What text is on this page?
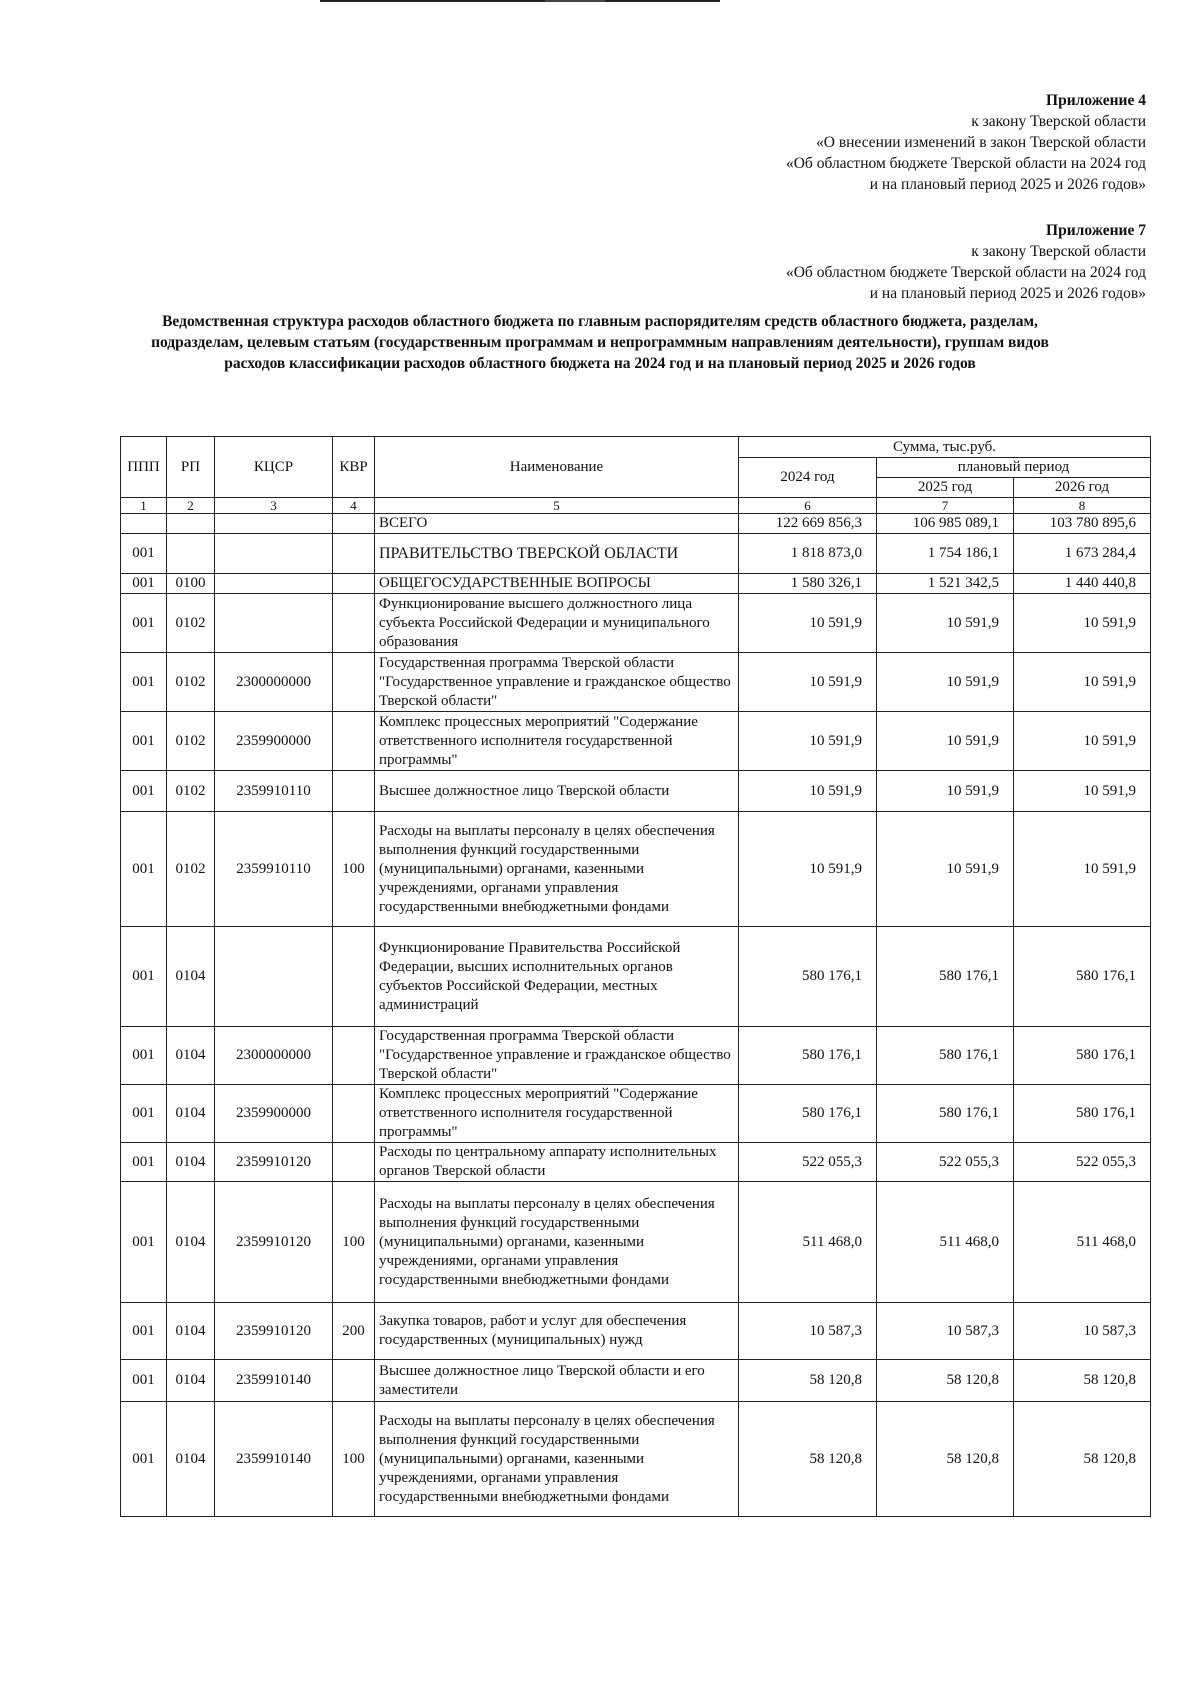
Приложение 4
к закону Тверской области
«О внесении изменений в закон Тверской области
«Об областном бюджете Тверской области на 2024 год
и на плановый период 2025 и 2026 годов»
Приложение 7
к закону Тверской области
«Об областном бюджете Тверской области на 2024 год
и на плановый период 2025 и 2026 годов»
Ведомственная структура расходов областного бюджета по главным распорядителям средств областного бюджета, разделам,
подразделам, целевым статьям (государственным программам и непрограммным направлениям деятельности), группам видов
расходов классификации расходов областного бюджета на 2024 год и на плановый период 2025 и 2026 годов
ППП	РП	КЦСР	КВР	Наименование	Сумма, тыс.руб.		
					2024 год	плановый период	
						2025 год	2026 год
1	2	3	4	5	6	7	8
				ВСЕГО	122 669 856,3	106 985 089,1	103 780 895,6
001				ПРАВИТЕЛЬСТВО ТВЕРСКОЙ ОБЛАСТИ	1 818 873,0	1 754 186,1	1 673 284,4
001	0100			ОБЩЕГОСУДАРСТВЕННЫЕ ВОПРОСЫ	1 580 326,1	1 521 342,5	1 440 440,8
001	0102			Функционирование высшего должностного лица субъекта Российской Федерации и муниципального образования	10 591,9	10 591,9	10 591,9
001	0102	2300000000		Государственная программа Тверской области "Государственное управление и гражданское общество Тверской области"	10 591,9	10 591,9	10 591,9
001	0102	2359900000		Комплекс процессных мероприятий "Содержание ответственного исполнителя государственной программы"	10 591,9	10 591,9	10 591,9
001	0102	2359910110		Высшее должностное лицо Тверской области	10 591,9	10 591,9	10 591,9
001	0102	2359910110	100	Расходы на выплаты персоналу в целях обеспечения выполнения функций государственными (муниципальными) органами, казенными учреждениями, органами управления государственными внебюджетными фондами	10 591,9	10 591,9	10 591,9
001	0104			Функционирование Правительства Российской Федерации, высших исполнительных органов субъектов Российской Федерации, местных администраций	580 176,1	580 176,1	580 176,1
001	0104	2300000000		Государственная программа Тверской области "Государственное управление и гражданское общество Тверской области"	580 176,1	580 176,1	580 176,1
001	0104	2359900000		Комплекс процессных мероприятий "Содержание ответственного исполнителя государственной программы"	580 176,1	580 176,1	580 176,1
001	0104	2359910120		Расходы по центральному аппарату исполнительных органов Тверской области	522 055,3	522 055,3	522 055,3
001	0104	2359910120	100	Расходы на выплаты персоналу в целях обеспечения выполнения функций государственными (муниципальными) органами, казенными учреждениями, органами управления государственными внебюджетными фондами	511 468,0	511 468,0	511 468,0
001	0104	2359910120	200	Закупка товаров, работ и услуг для обеспечения государственных (муниципальных) нужд	10 587,3	10 587,3	10 587,3
001	0104	2359910140		Высшее должностное лицо Тверской области и его заместители	58 120,8	58 120,8	58 120,8
001	0104	2359910140	100	Расходы на выплаты персоналу в целях обеспечения выполнения функций государственными (муниципальными) органами, казенными учреждениями, органами управления государственными внебюджетными фондами	58 120,8	58 120,8	58 120,8
